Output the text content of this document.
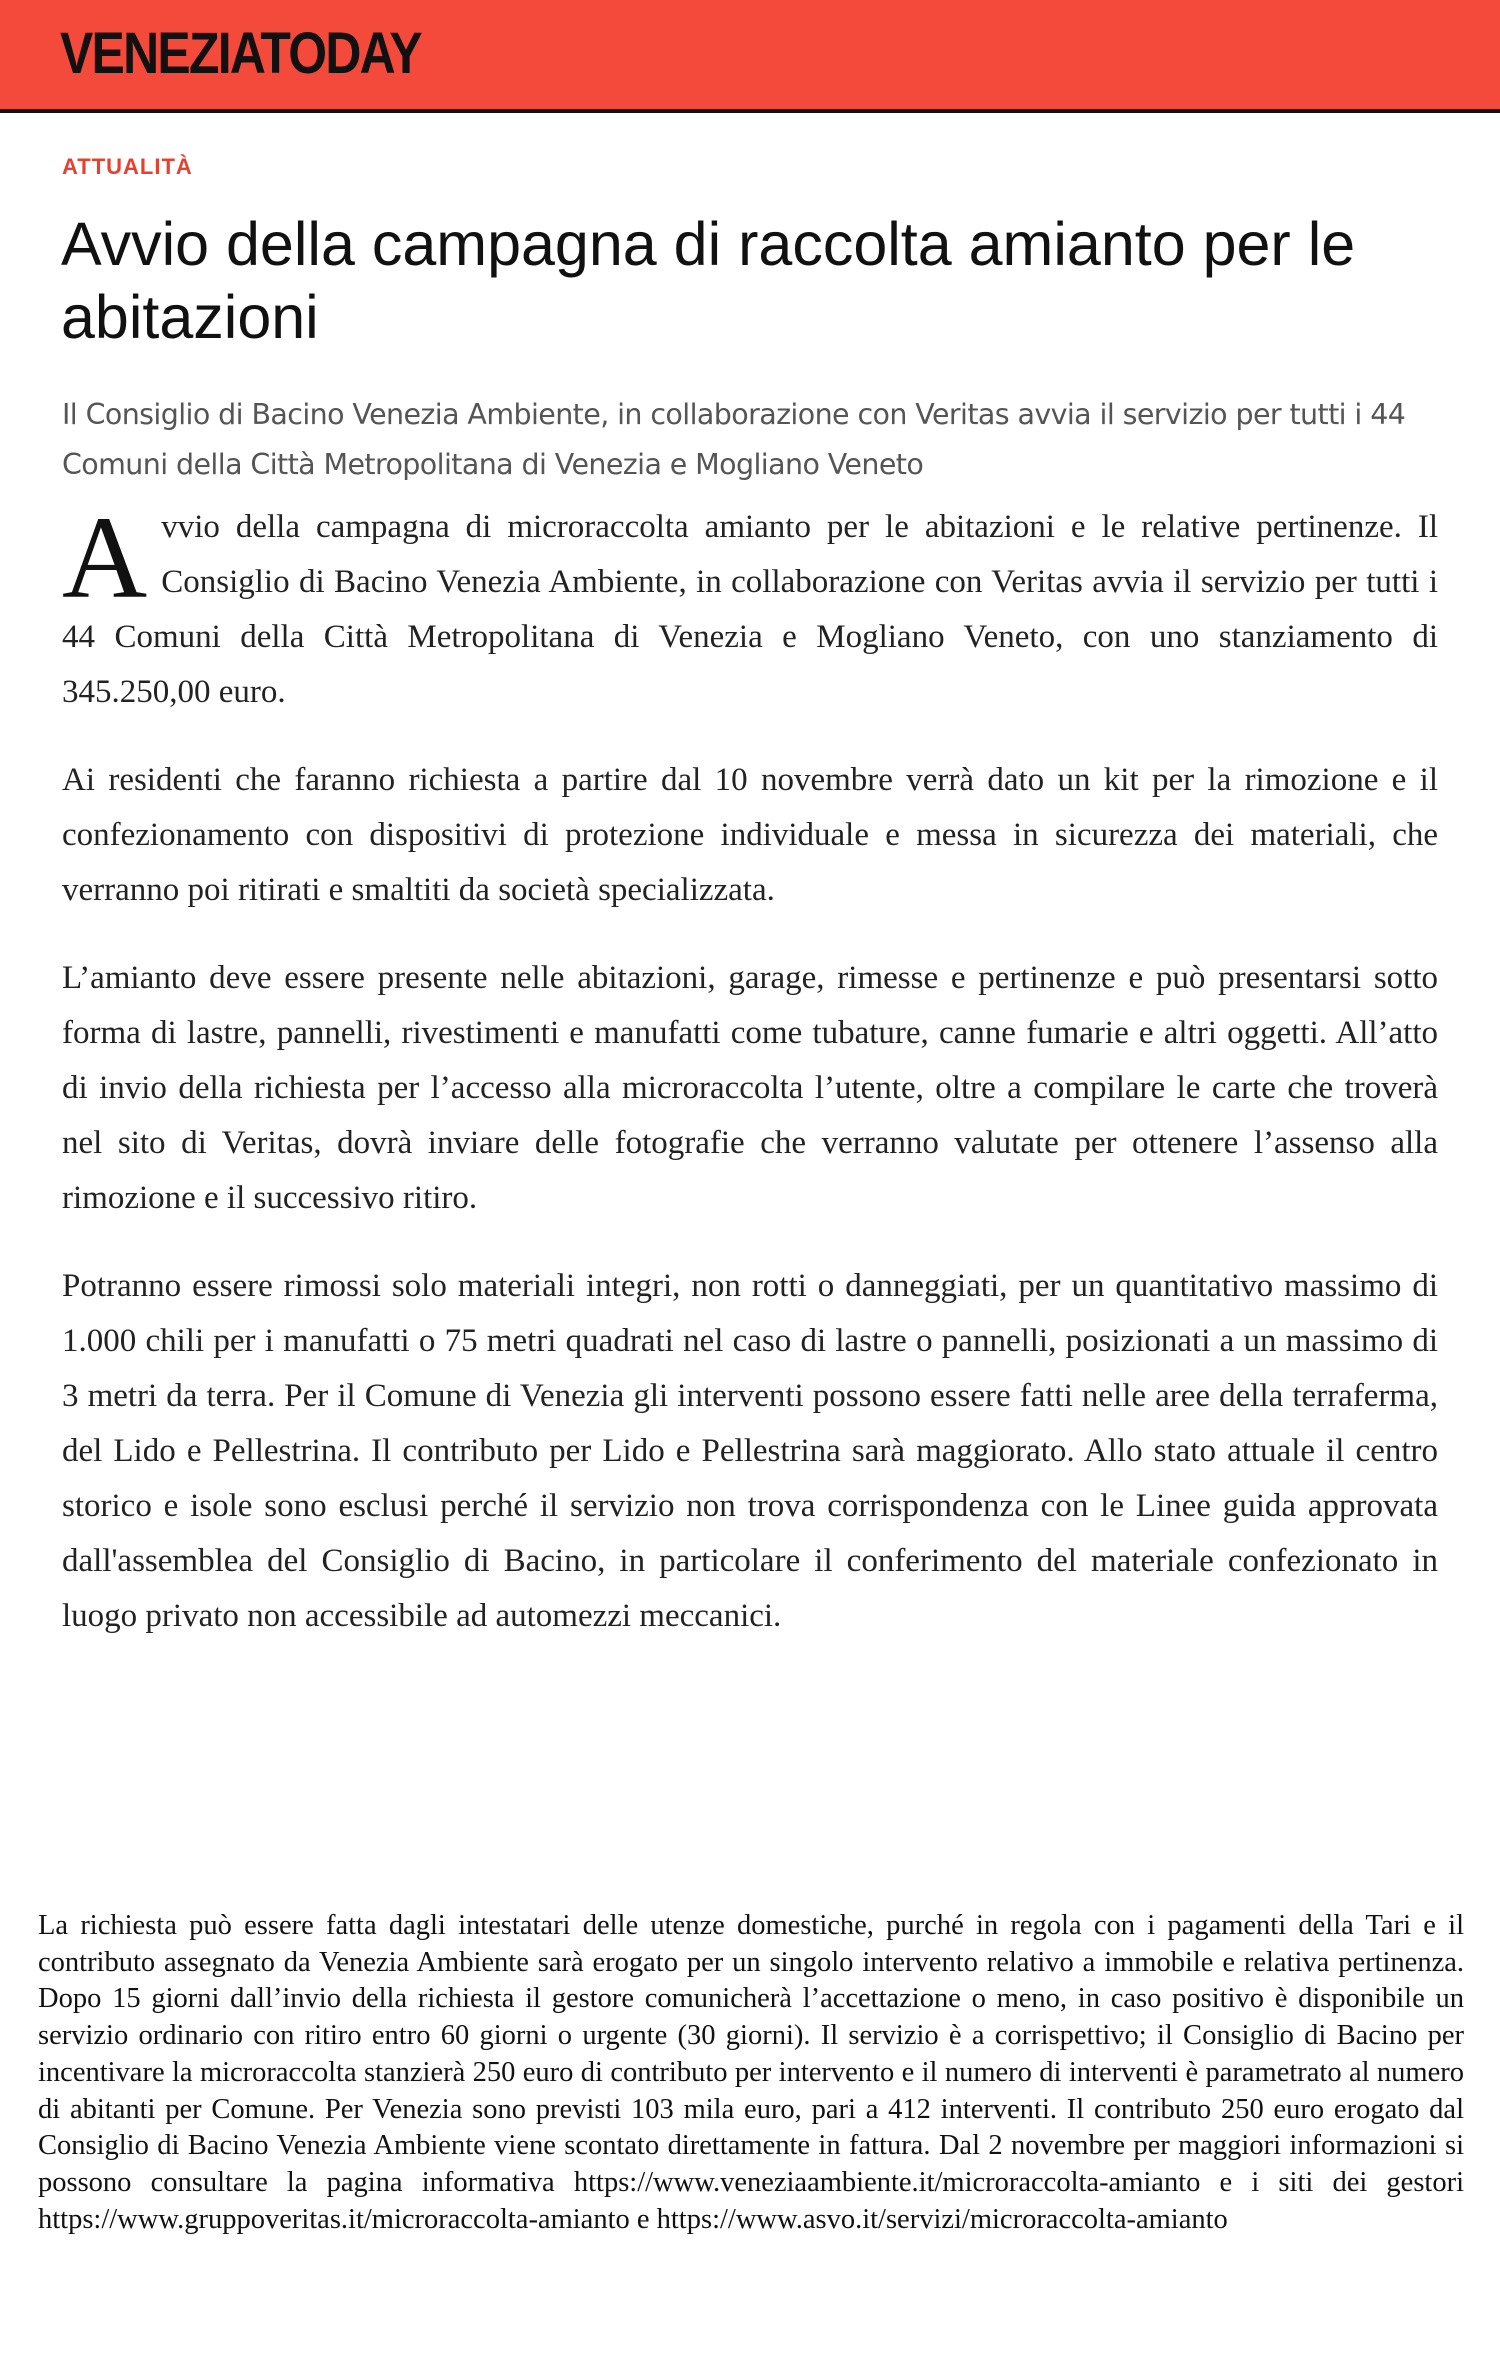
VENEZIATODAY
ATTUALITÀ
Avvio della campagna di raccolta amianto per le abitazioni

Il Consiglio di Bacino Venezia Ambiente, in collaborazione con Veritas avvia il servizio per tutti i 44 Comuni della Città Metropolitana di Venezia e Mogliano Veneto

Avvio della campagna di microraccolta amianto per le abitazioni e le relative pertinenze. Il Consiglio di Bacino Venezia Ambiente, in collaborazione con Veritas avvia il servizio per tutti i 44 Comuni della Città Metropolitana di Venezia e Mogliano Veneto, con uno stanziamento di 345.250,00 euro.

Ai residenti che faranno richiesta a partire dal 10 novembre verrà dato un kit per la rimozione e il confezionamento con dispositivi di protezione individuale e messa in sicurezza dei materiali, che verranno poi ritirati e smaltiti da società specializzata.

L’amianto deve essere presente nelle abitazioni, garage, rimesse e pertinenze e può presentarsi sotto forma di lastre, pannelli, rivestimenti e manufatti come tubature, canne fumarie e altri oggetti. All’atto di invio della richiesta per l’accesso alla microraccolta l’utente, oltre a compilare le carte che troverà nel sito di Veritas, dovrà inviare delle fotografie che verranno valutate per ottenere l’assenso alla rimozione e il successivo ritiro.

Potranno essere rimossi solo materiali integri, non rotti o danneggiati, per un quantitativo massimo di 1.000 chili per i manufatti o 75 metri quadrati nel caso di lastre o pannelli, posizionati a un massimo di 3 metri da terra. Per il Comune di Venezia gli interventi possono essere fatti nelle aree della terraferma, del Lido e Pellestrina. Il contributo per Lido e Pellestrina sarà maggiorato. Allo stato attuale il centro storico e isole sono esclusi perché il servizio non trova corrispondenza con le Linee guida approvata dall'assemblea del Consiglio di Bacino, in particolare il conferimento del materiale confezionato in luogo privato non accessibile ad automezzi meccanici.

La richiesta può essere fatta dagli intestatari delle utenze domestiche, purché in regola con i pagamenti della Tari e il contributo assegnato da Venezia Ambiente sarà erogato per un singolo intervento relativo a immobile e relativa pertinenza. Dopo 15 giorni dall’invio della richiesta il gestore comunicherà l’accettazione o meno, in caso positivo è disponibile un servizio ordinario con ritiro entro 60 giorni o urgente (30 giorni). Il servizio è a corrispettivo; il Consiglio di Bacino per incentivare la microraccolta stanzierà 250 euro di contributo per intervento e il numero di interventi è parametrato al numero di abitanti per Comune. Per Venezia sono previsti 103 mila euro, pari a 412 interventi. Il contributo 250 euro erogato dal Consiglio di Bacino Venezia Ambiente viene scontato direttamente in fattura. Dal 2 novembre per maggiori informazioni si possono consultare la pagina informativa https://www.veneziaambiente.it/microraccolta-amianto e i siti dei gestori https://www.gruppoveritas.it/microraccolta-amianto e https://www.asvo.it/servizi/microraccolta-amianto
